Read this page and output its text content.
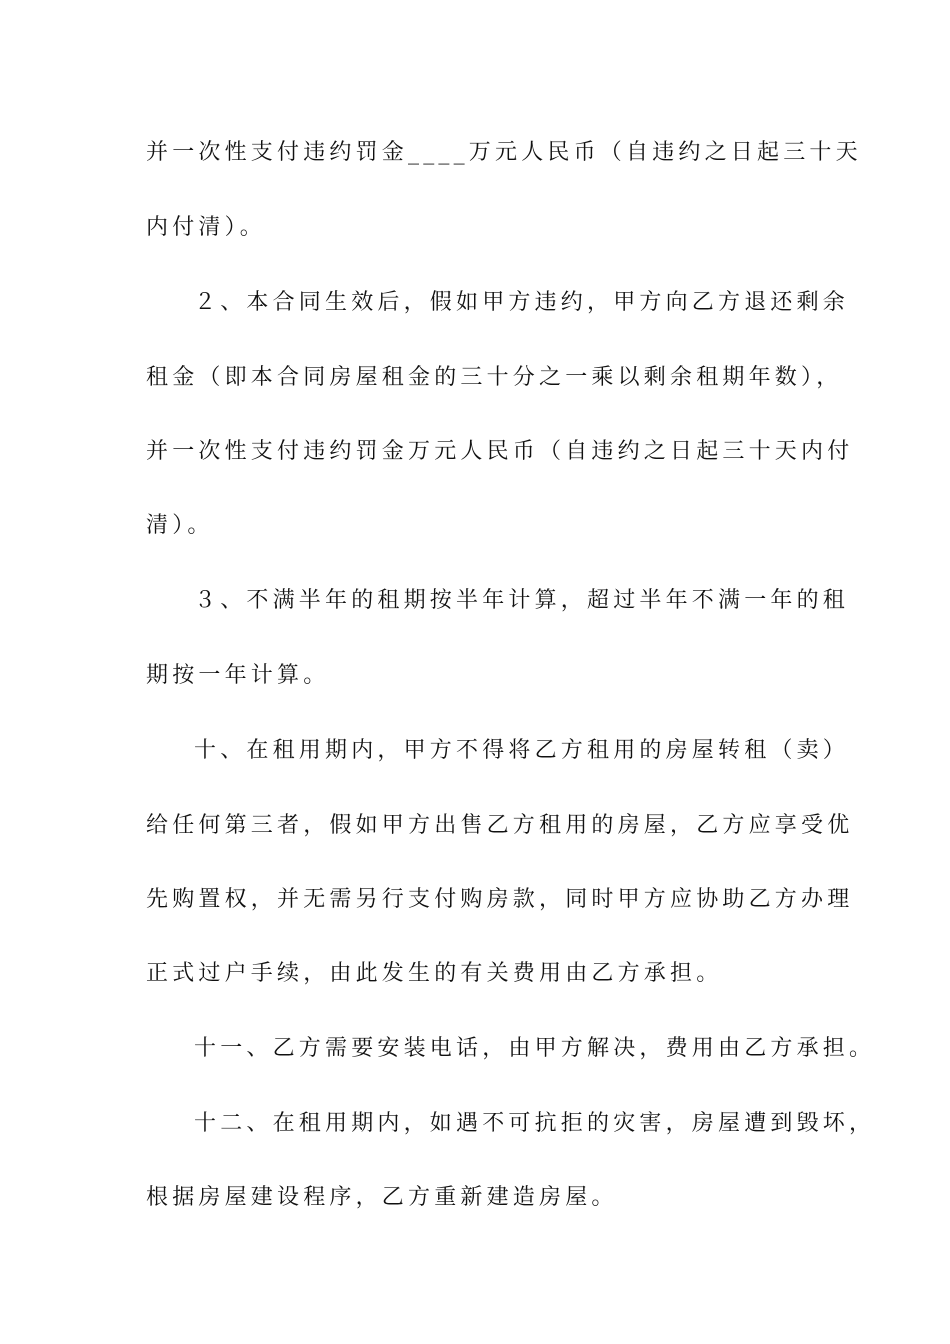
并一次性支付违约罚金____万元人民币（自违约之日起三十天
内付清）。
２、本合同生效后，假如甲方违约，甲方向乙方退还剩余
租金（即本合同房屋租金的三十分之一乘以剩余租期年数），
并一次性支付违约罚金万元人民币（自违约之日起三十天内付
清）。
３、不满半年的租期按半年计算，超过半年不满一年的租
期按一年计算。
十、在租用期内，甲方不得将乙方租用的房屋转租（卖）
给任何第三者，假如甲方出售乙方租用的房屋，乙方应享受优
先购置权，并无需另行支付购房款，同时甲方应协助乙方办理
正式过户手续，由此发生的有关费用由乙方承担。
十一、乙方需要安装电话，由甲方解决，费用由乙方承担。
十二、在租用期内，如遇不可抗拒的灾害，房屋遭到毁坏，
根据房屋建设程序，乙方重新建造房屋。
